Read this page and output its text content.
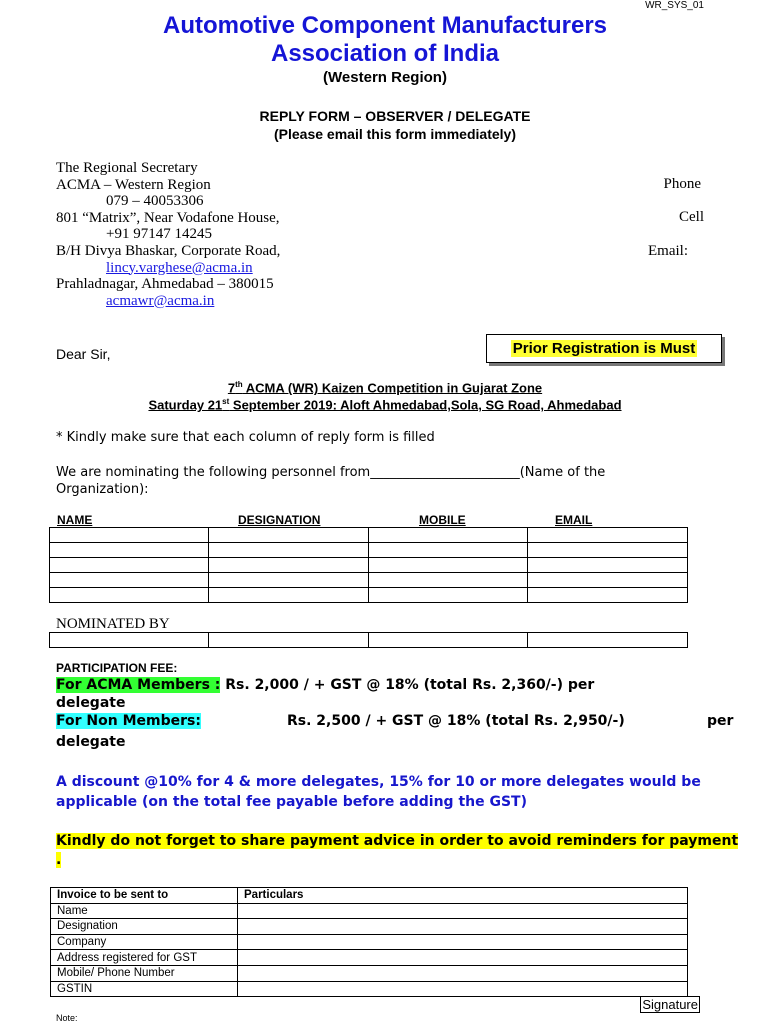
WR_SYS_01
Automotive Component Manufacturers
Association of India
(Western Region)
REPLY FORM – OBSERVER / DELEGATE
(Please email this form immediately)
The Regional Secretary
ACMA – Western Region
079 – 40053306
801 “Matrix”, Near Vodafone House,
+91 97147 14245
B/H Divya Bhaskar, Corporate Road,
lincy.varghese@acma.in
Prahladnagar, Ahmedabad – 380015
acmawr@acma.in
Phone
Cell
Email:
Prior Registration is Must
Dear Sir,
7th ACMA (WR) Kaizen Competition in Gujarat Zone
Saturday 21st September 2019: Aloft Ahmedabad,Sola, SG Road, Ahmedabad
* Kindly make sure that each column of reply form is filled
We are nominating the following personnel from_______________________(Name of the Organization):
NAME	DESIGNATION	MOBILE	EMAIL

NOMINATED BY

PARTICIPATION FEE:
For ACMA Members : Rs. 2,000 / + GST @ 18% (total Rs. 2,360/-) per
delegate
For Non Members:	Rs. 2,500 / + GST @ 18% (total Rs. 2,950/-)	per
delegate
A discount @10% for 4 & more delegates, 15% for 10 or more delegates would be applicable (on the total fee payable before adding the GST)
Kindly do not forget to share payment advice in order to avoid reminders for payment .
Invoice to be sent to	Particulars
Name	
Designation	
Company	
Address registered for GST	
Mobile/ Phone Number	
GSTIN	
Signature
Note:
